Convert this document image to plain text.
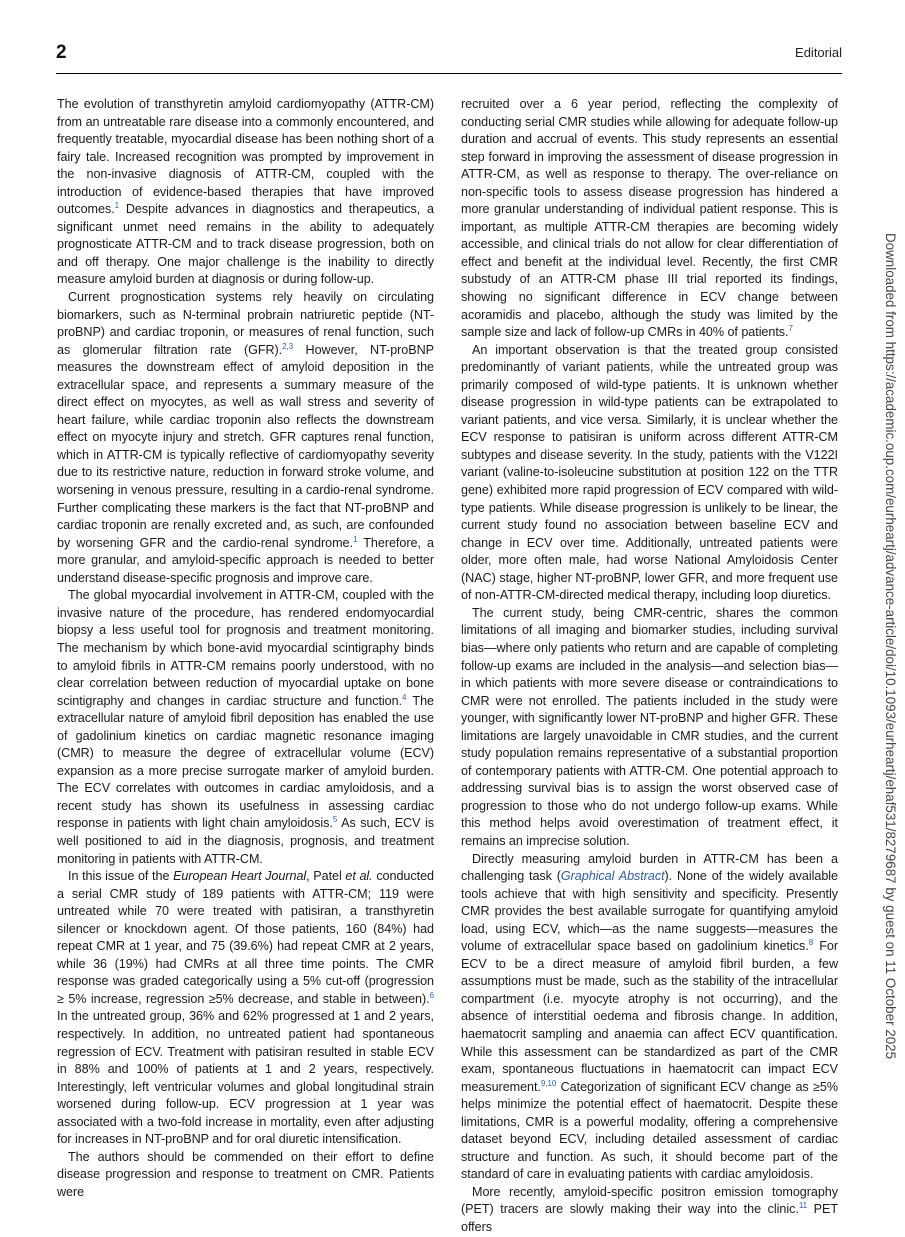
2	Editorial

The evolution of transthyretin amyloid cardiomyopathy (ATTR-CM) from an untreatable rare disease into a commonly encountered, and frequently treatable, myocardial disease has been nothing short of a fairy tale. Increased recognition was prompted by improvement in the non-invasive diagnosis of ATTR-CM, coupled with the introduction of evidence-based therapies that have improved outcomes.$^1$ Despite advances in diagnostics and therapeutics, a significant unmet need remains in the ability to adequately prognosticate ATTR-CM and to track disease progression, both on and off therapy. One major challenge is the inability to directly measure amyloid burden at diagnosis or during follow-up.

Current prognostication systems rely heavily on circulating biomarkers, such as N-terminal probrain natriuretic peptide (NT-proBNP) and cardiac troponin, or measures of renal function, such as glomerular filtration rate (GFR).$^{2,3}$ However, NT-proBNP measures the downstream effect of amyloid deposition in the extracellular space, and represents a summary measure of the direct effect on myocytes, as well as wall stress and severity of heart failure, while cardiac troponin also reflects the downstream effect on myocyte injury and stretch. GFR captures renal function, which in ATTR-CM is typically reflective of cardiomyopathy severity due to its restrictive nature, reduction in forward stroke volume, and worsening in venous pressure, resulting in a cardio-renal syndrome. Further complicating these markers is the fact that NT-proBNP and cardiac troponin are renally excreted and, as such, are confounded by worsening GFR and the cardio-renal syndrome.$^1$ Therefore, a more granular, and amyloid-specific approach is needed to better understand disease-specific prognosis and improve care.

The global myocardial involvement in ATTR-CM, coupled with the invasive nature of the procedure, has rendered endomyocardial biopsy a less useful tool for prognosis and treatment monitoring. The mechanism by which bone-avid myocardial scintigraphy binds to amyloid fibrils in ATTR-CM remains poorly understood, with no clear correlation between reduction of myocardial uptake on bone scintigraphy and changes in cardiac structure and function.$^4$ The extracellular nature of amyloid fibril deposition has enabled the use of gadolinium kinetics on cardiac magnetic resonance imaging (CMR) to measure the degree of extracellular volume (ECV) expansion as a more precise surrogate marker of amyloid burden. The ECV correlates with outcomes in cardiac amyloidosis, and a recent study has shown its usefulness in assessing cardiac response in patients with light chain amyloidosis.$^5$ As such, ECV is well positioned to aid in the diagnosis, prognosis, and treatment monitoring in patients with ATTR-CM.

In this issue of the European Heart Journal, Patel et al. conducted a serial CMR study of 189 patients with ATTR-CM; 119 were untreated while 70 were treated with patisiran, a transthyretin silencer or knockdown agent. Of those patients, 160 (84%) had repeat CMR at 1 year, and 75 (39.6%) had repeat CMR at 2 years, while 36 (19%) had CMRs at all three time points. The CMR response was graded categorically using a 5% cut-off (progression ≥ 5% increase, regression ≥5% decrease, and stable in between).$^6$ In the untreated group, 36% and 62% progressed at 1 and 2 years, respectively. In addition, no untreated patient had spontaneous regression of ECV. Treatment with patisiran resulted in stable ECV in 88% and 100% of patients at 1 and 2 years, respectively. Interestingly, left ventricular volumes and global longitudinal strain worsened during follow-up. ECV progression at 1 year was associated with a two-fold increase in mortality, even after adjusting for increases in NT-proBNP and for oral diuretic intensification.

The authors should be commended on their effort to define disease progression and response to treatment on CMR. Patients were

recruited over a 6 year period, reflecting the complexity of conducting serial CMR studies while allowing for adequate follow-up duration and accrual of events. This study represents an essential step forward in improving the assessment of disease progression in ATTR-CM, as well as response to therapy. The over-reliance on non-specific tools to assess disease progression has hindered a more granular understanding of individual patient response. This is important, as multiple ATTR-CM therapies are becoming widely accessible, and clinical trials do not allow for clear differentiation of effect and benefit at the individual level. Recently, the first CMR substudy of an ATTR-CM phase III trial reported its findings, showing no significant difference in ECV change between acoramidis and placebo, although the study was limited by the sample size and lack of follow-up CMRs in 40% of patients.$^7$

An important observation is that the treated group consisted predominantly of variant patients, while the untreated group was primarily composed of wild-type patients. It is unknown whether disease progression in wild-type patients can be extrapolated to variant patients, and vice versa. Similarly, it is unclear whether the ECV response to patisiran is uniform across different ATTR-CM subtypes and disease severity. In the study, patients with the V122I variant (valine-to-isoleucine substitution at position 122 on the TTR gene) exhibited more rapid progression of ECV compared with wild-type patients. While disease progression is unlikely to be linear, the current study found no association between baseline ECV and change in ECV over time. Additionally, untreated patients were older, more often male, had worse National Amyloidosis Center (NAC) stage, higher NT-proBNP, lower GFR, and more frequent use of non-ATTR-CM-directed medical therapy, including loop diuretics.

The current study, being CMR-centric, shares the common limitations of all imaging and biomarker studies, including survival bias—where only patients who return and are capable of completing follow-up exams are included in the analysis—and selection bias—in which patients with more severe disease or contraindications to CMR were not enrolled. The patients included in the study were younger, with significantly lower NT-proBNP and higher GFR. These limitations are largely unavoidable in CMR studies, and the current study population remains representative of a substantial proportion of contemporary patients with ATTR-CM. One potential approach to addressing survival bias is to assign the worst observed case of progression to those who do not undergo follow-up exams. While this method helps avoid overestimation of treatment effect, it remains an imprecise solution.

Directly measuring amyloid burden in ATTR-CM has been a challenging task (Graphical Abstract). None of the widely available tools achieve that with high sensitivity and specificity. Presently CMR provides the best available surrogate for quantifying amyloid load, using ECV, which—as the name suggests—measures the volume of extracellular space based on gadolinium kinetics.$^8$ For ECV to be a direct measure of amyloid fibril burden, a few assumptions must be made, such as the stability of the intracellular compartment (i.e. myocyte atrophy is not occurring), and the absence of interstitial oedema and fibrosis change. In addition, haematocrit sampling and anaemia can affect ECV quantification. While this assessment can be standardized as part of the CMR exam, spontaneous fluctuations in haematocrit can impact ECV measurement.$^{9,10}$ Categorization of significant ECV change as ≥5% helps minimize the potential effect of haematocrit. Despite these limitations, CMR is a powerful modality, offering a comprehensive dataset beyond ECV, including detailed assessment of cardiac structure and function. As such, it should become part of the standard of care in evaluating patients with cardiac amyloidosis.

More recently, amyloid-specific positron emission tomography (PET) tracers are slowly making their way into the clinic.$^{11}$ PET offers

Downloaded from https://academic.oup.com/eurheartj/advance-article/doi/10.1093/eurheartj/ehaf531/8279687 by guest on 11 October 2025
